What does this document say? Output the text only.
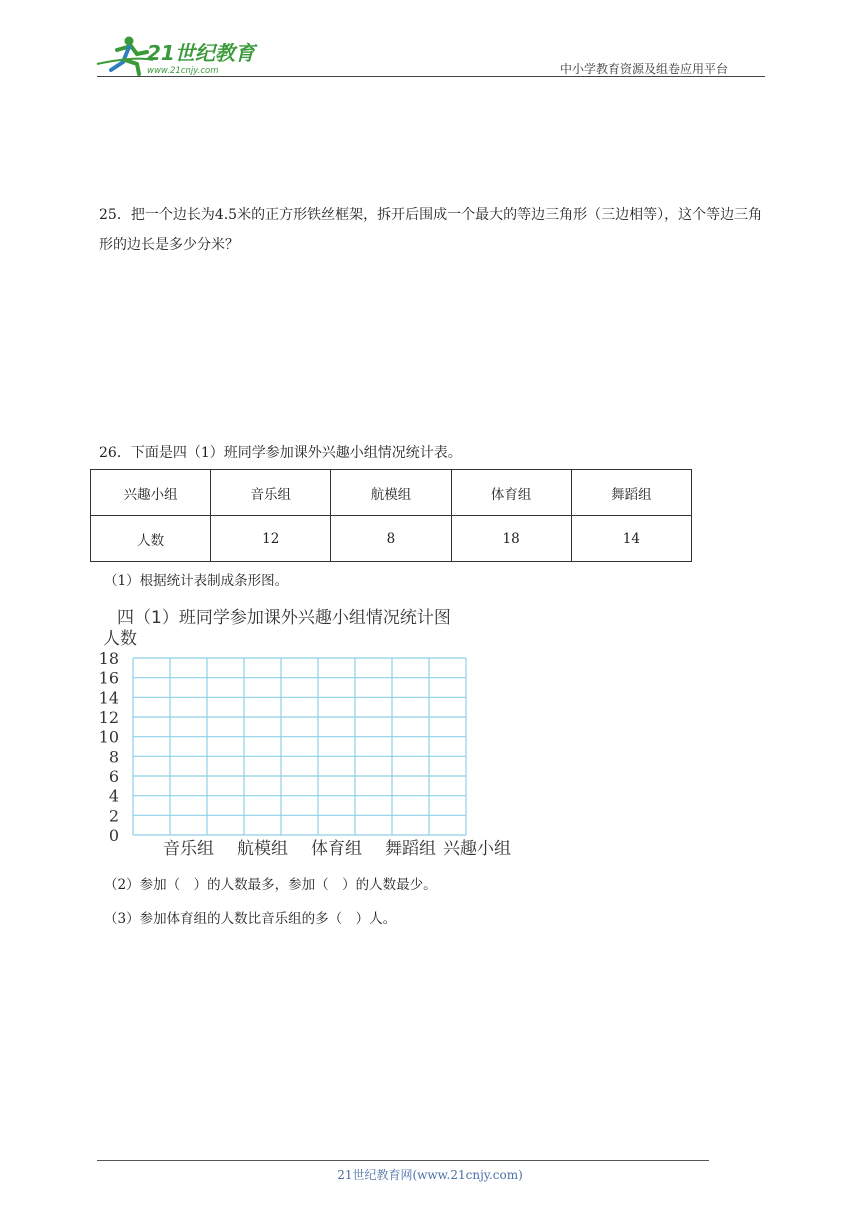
21世纪教育
www.21cnjy.com	中小学教育资源及组卷应用平台
25．把一个边长为4.5米的正方形铁丝框架，拆开后围成一个最大的等边三角形（三边相等），这个等边三角形的边长是多少分米？
26．下面是四（1）班同学参加课外兴趣小组情况统计表。
兴趣小组	音乐组	航模组	体育组	舞蹈组
人数	12	8	18	14
（1）根据统计表制成条形图。
四（1）班同学参加课外兴趣小组情况统计图
人数
0
2
4
6
8
10
12
14
16
18
音乐组 航模组 体育组 舞蹈组 兴趣小组
（2）参加（　）的人数最多，参加（　）的人数最少。
（3）参加体育组的人数比音乐组的多（　）人。
21世纪教育网(www.21cnjy.com)
